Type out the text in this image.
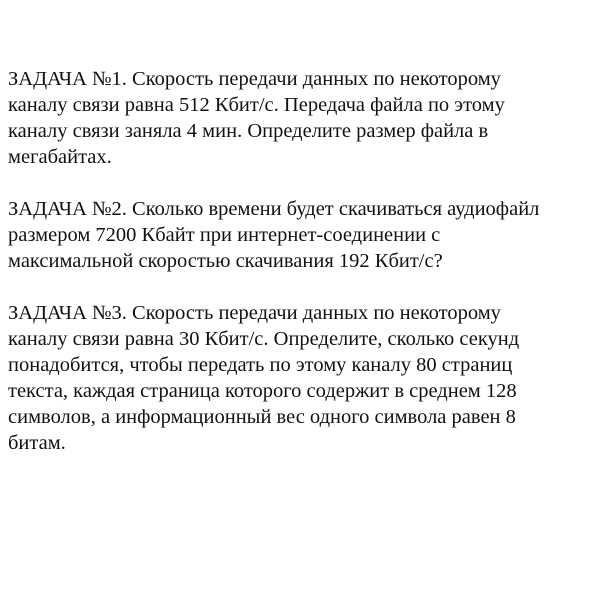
ЗАДАЧА №1. Скорость передачи данных по некоторому
каналу связи равна 512 Кбит/с. Передача файла по этому
каналу связи заняла 4 мин. Определите размер файла в
мегабайтах.

ЗАДАЧА №2. Сколько времени будет скачиваться аудиофайл
размером 7200 Кбайт при интернет-соединении с
максимальной скоростью скачивания 192 Кбит/с?

ЗАДАЧА №3. Скорость передачи данных по некоторому
каналу связи равна 30 Кбит/с. Определите, сколько секунд
понадобится, чтобы передать по этому каналу 80 страниц
текста, каждая страница которого содержит в среднем 128
символов, а информационный вес одного символа равен 8
битам.
